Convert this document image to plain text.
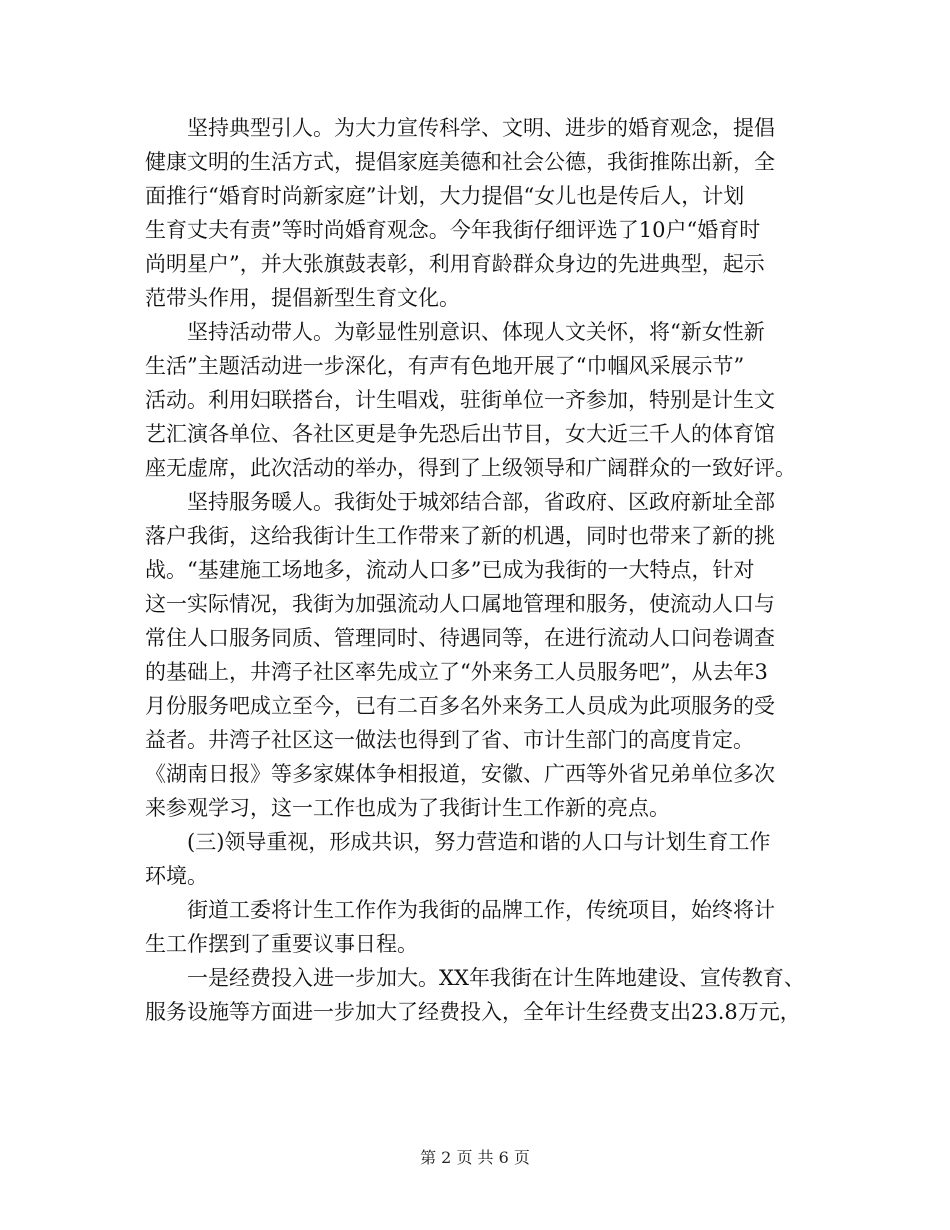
坚持典型引人。为大力宣传科学、文明、进步的婚育观念，提倡
健康文明的生活方式，提倡家庭美德和社会公德，我街推陈出新，全
面推行“婚育时尚新家庭”计划，大力提倡“女儿也是传后人，计划
生育丈夫有责”等时尚婚育观念。今年我街仔细评选了10户“婚育时
尚明星户”，并大张旗鼓表彰，利用育龄群众身边的先进典型，起示
范带头作用，提倡新型生育文化。
坚持活动带人。为彰显性别意识、体现人文关怀，将“新女性新
生活”主题活动进一步深化，有声有色地开展了“巾帼风采展示节”
活动。利用妇联搭台，计生唱戏，驻街单位一齐参加，特别是计生文
艺汇演各单位、各社区更是争先恐后出节目，女大近三千人的体育馆
座无虚席，此次活动的举办，得到了上级领导和广阔群众的一致好评。
坚持服务暖人。我街处于城郊结合部，省政府、区政府新址全部
落户我街，这给我街计生工作带来了新的机遇，同时也带来了新的挑
战。“基建施工场地多，流动人口多”已成为我街的一大特点，针对
这一实际情况，我街为加强流动人口属地管理和服务，使流动人口与
常住人口服务同质、管理同时、待遇同等，在进行流动人口问卷调查
的基础上，井湾子社区率先成立了“外来务工人员服务吧”，从去年3
月份服务吧成立至今，已有二百多名外来务工人员成为此项服务的受
益者。井湾子社区这一做法也得到了省、市计生部门的高度肯定。
《湖南日报》等多家媒体争相报道，安徽、广西等外省兄弟单位多次
来参观学习，这一工作也成为了我街计生工作新的亮点。
(三)领导重视，形成共识，努力营造和谐的人口与计划生育工作
环境。
街道工委将计生工作作为我街的品牌工作，传统项目，始终将计
生工作摆到了重要议事日程。
一是经费投入进一步加大。XX年我街在计生阵地建设、宣传教育、
服务设施等方面进一步加大了经费投入，全年计生经费支出23.8万元，
第 2 页 共 6 页
